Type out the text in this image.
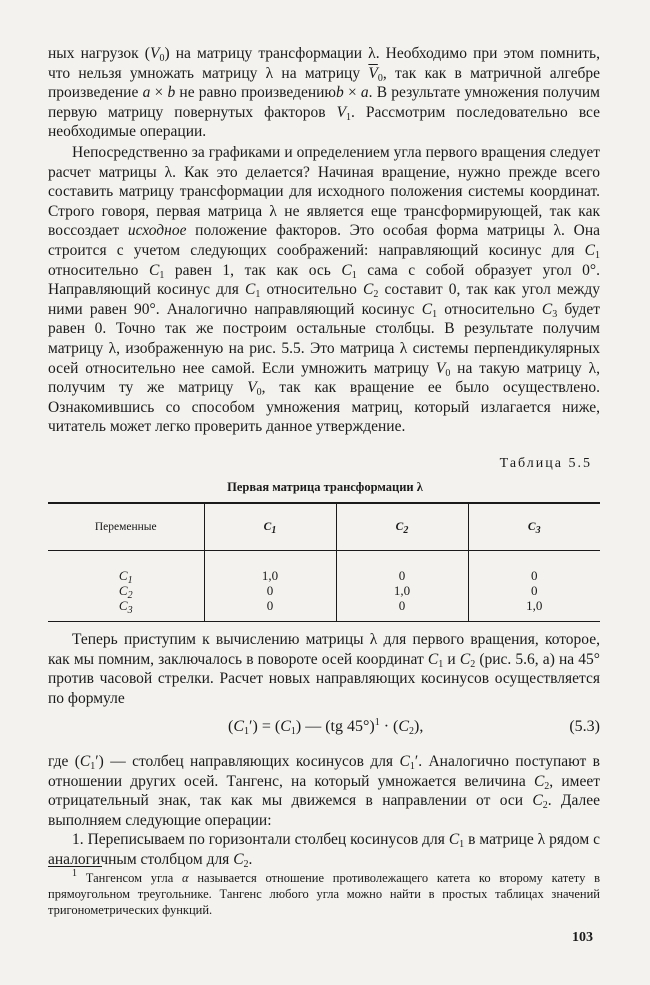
ных нагрузок $(V_0)$ на матрицу трансформации λ. Необходимо при этом помнить, что нельзя умножать матрицу λ на матрицу $\overline{V}_0$, так как в матричной алгебре произведение a × b не равно произведениюb × a. В результате умножения получим первую матрицу повернутых факторов $V_1$. Рассмотрим последовательно все необходимые операции.

Непосредственно за графиками и определением угла первого вращения следует расчет матрицы λ. Как это делается? Начиная вращение, нужно прежде всего составить матрицу трансформации для исходного положения системы координат. Строго говоря, первая матрица λ не является еще трансформирующей, так как воссоздает исходное положение факторов. Это особая форма матрицы λ. Она строится с учетом следующих соображений: направляющий косинус для $C_1$ относительно $C_1$ равен 1, так как ось $C_1$ сама с собой образует угол 0°. Направляющий косинус для $C_1$ относительно $C_2$ составит 0, так как угол между ними равен 90°. Аналогично направляющий косинус $C_1$ относительно $C_3$ будет равен 0. Точно так же построим остальные столбцы. В результате получим матрицу λ, изображенную на рис. 5.5. Это матрица λ системы перпендикулярных осей относительно нее самой. Если умножить матрицу $V_0$ на такую матрицу λ, получим ту же матрицу $V_0$, так как вращение ее было осуществлено. Ознакомившись со способом умножения матриц, который излагается ниже, читатель может легко проверить данное утверждение.

Таблица 5.5
Первая матрица трансформации λ
Переменные	$C_1$	$C_2$	$C_3$
$C_1$	1,0	0	0
$C_2$	0	1,0	0
$C_3$	0	0	1,0

Теперь приступим к вычислению матрицы λ для первого вращения, которое, как мы помним, заключалось в повороте осей координат $C_1$ и $C_2$ (рис. 5.6, а) на 45° против часовой стрелки. Расчет новых направляющих косинусов осуществляется по формуле

$(C_1') = (C_1)$ — (tg $45^\circ)^1 \cdot (C_2)$,	(5.3)

где $(C_1')$ — столбец направляющих косинусов для $C_1'$. Аналогично поступают в отношении других осей. Тангенс, на который умножается величина $C_2$, имеет отрицательный знак, так как мы движемся в направлении от оси $C_2$. Далее выполняем следующие операции:

1. Переписываем по горизонтали столбец косинусов для $C_1$ в матрице λ рядом с аналогичным столбцом для $C_2$.

$^1$ Тангенсом угла α называется отношение противолежащего катета ко второму катету в прямоугольном треугольнике. Тангенс любого угла можно найти в простых таблицах значений тригонометрических функций.

103
